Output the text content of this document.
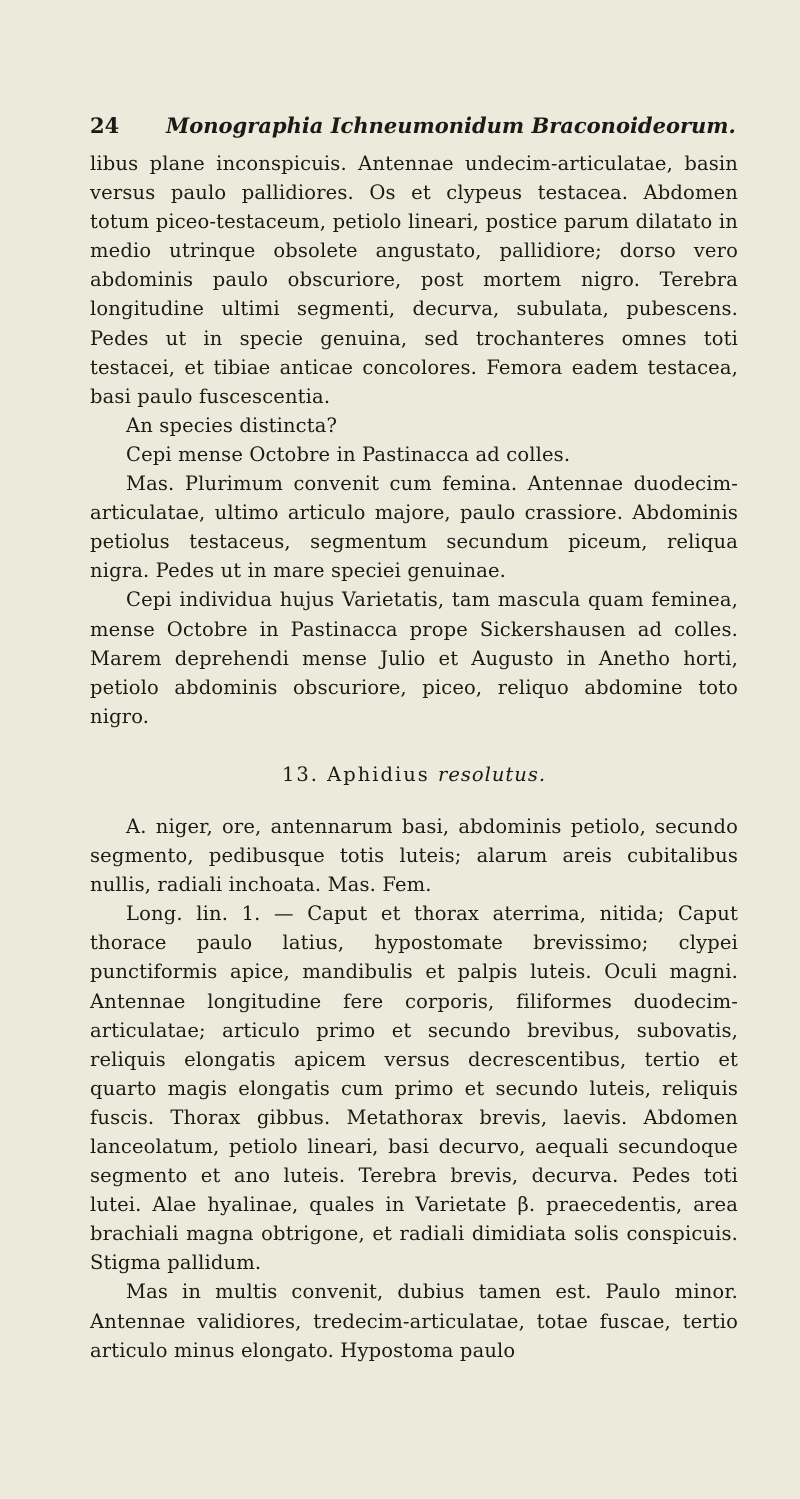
24	Monographia Ichneumonidum Braconoideorum.

libus plane inconspicuis. Antennae undecim-articulatae, basin versus paulo pallidiores. Os et clypeus testacea. Abdomen totum piceo-testaceum, petiolo lineari, postice parum dilatato in medio utrinque obsolete angustato, pallidiore; dorso vero abdominis paulo obscuriore, post mortem nigro. Terebra longitudine ultimi segmenti, decurva, subulata, pubescens. Pedes ut in specie genuina, sed trochanteres omnes toti testacei, et tibiae anticae concolores. Femora eadem testacea, basi paulo fuscescentia.

An species distincta?

Cepi mense Octobre in Pastinacca ad colles.

Mas. Plurimum convenit cum femina. Antennae duodecim-articulatae, ultimo articulo majore, paulo crassiore. Abdominis petiolus testaceus, segmentum secundum piceum, reliqua nigra. Pedes ut in mare speciei genuinae.

Cepi individua hujus Varietatis, tam mascula quam feminea, mense Octobre in Pastinacca prope Sickershausen ad colles. Marem deprehendi mense Julio et Augusto in Anetho horti, petiolo abdominis obscuriore, piceo, reliquo abdomine toto nigro.

13. Aphidius resolutus.

A. niger, ore, antennarum basi, abdominis petiolo, secundo segmento, pedibusque totis luteis; alarum areis cubitalibus nullis, radiali inchoata. Mas. Fem.

Long. lin. 1. — Caput et thorax aterrima, nitida; Caput thorace paulo latius, hypostomate brevissimo; clypei punctiformis apice, mandibulis et palpis luteis. Oculi magni. Antennae longitudine fere corporis, filiformes duodecim-articulatae; articulo primo et secundo brevibus, subovatis, reliquis elongatis apicem versus decrescentibus, tertio et quarto magis elongatis cum primo et secundo luteis, reliquis fuscis. Thorax gibbus. Metathorax brevis, laevis. Abdomen lanceolatum, petiolo lineari, basi decurvo, aequali secundoque segmento et ano luteis. Terebra brevis, decurva. Pedes toti lutei. Alae hyalinae, quales in Varietate β. praecedentis, area brachiali magna obtrigone, et radiali dimidiata solis conspicuis. Stigma pallidum.

Mas in multis convenit, dubius tamen est. Paulo minor. Antennae validiores, tredecim-articulatae, totae fuscae, tertio articulo minus elongato. Hypostoma paulo
